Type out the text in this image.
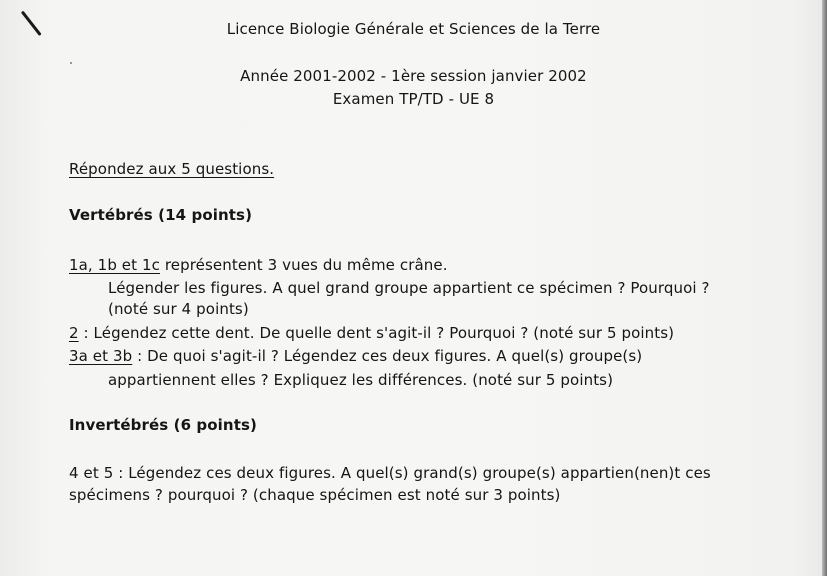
Licence Biologie Générale et Sciences de la Terre
Année 2001-2002 - 1ère session janvier 2002
Examen TP/TD - UE 8
Répondez aux 5 questions.
Vertébrés (14 points)
1a, 1b et 1c représentent 3 vues du même crâne.
Légender les figures. A quel grand groupe appartient ce spécimen ? Pourquoi ?
(noté sur 4 points)
2 : Légendez cette dent. De quelle dent s'agit-il ? Pourquoi ? (noté sur 5 points)
3a et 3b : De quoi s'agit-il ? Légendez ces deux figures. A quel(s) groupe(s)
appartiennent elles ? Expliquez les différences. (noté sur 5 points)
Invertébrés (6 points)
4 et 5 : Légendez ces deux figures. A quel(s) grand(s) groupe(s) appartien(nen)t ces
spécimens ? pourquoi ? (chaque spécimen est noté sur 3 points)
